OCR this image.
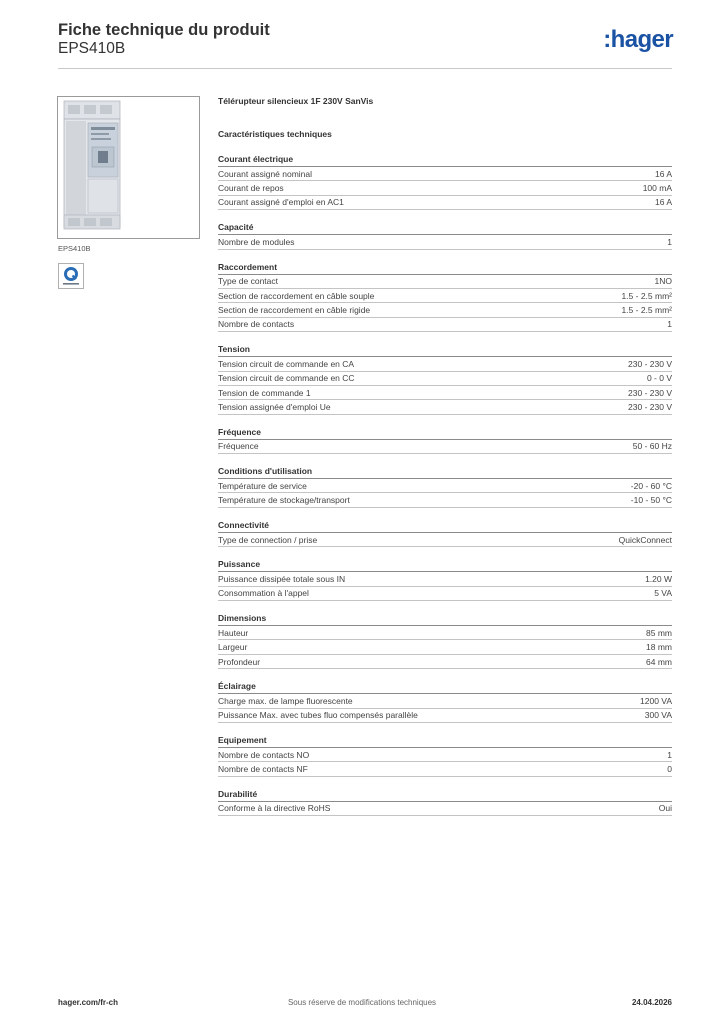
Fiche technique du produit
EPS410B	:hager
EPS410B
Télérupteur silencieux 1F 230V SanVis
Caractéristiques techniques
Courant électrique
Courant assigné nominal	16 A
Courant de repos	100 mA
Courant assigné d'emploi en AC1	16 A
Capacité
Nombre de modules	1
Raccordement
Type de contact	1NO
Section de raccordement en câble souple	1.5 - 2.5 mm²
Section de raccordement en câble rigide	1.5 - 2.5 mm²
Nombre de contacts	1
Tension
Tension circuit de commande en CA	230 - 230 V
Tension circuit de commande en CC	0 - 0 V
Tension de commande 1	230 - 230 V
Tension assignée d'emploi Ue	230 - 230 V
Fréquence
Fréquence	50 - 60 Hz
Conditions d'utilisation
Température de service	-20 - 60 °C
Température de stockage/transport	-10 - 50 °C
Connectivité
Type de connection / prise	QuickConnect
Puissance
Puissance dissipée totale sous IN	1.20 W
Consommation à l'appel	5 VA
Dimensions
Hauteur	85 mm
Largeur	18 mm
Profondeur	64 mm
Éclairage
Charge max. de lampe fluorescente	1200 VA
Puissance Max. avec tubes fluo compensés parallèle	300 VA
Equipement
Nombre de contacts NO	1
Nombre de contacts NF	0
Durabilité
Conforme à la directive RoHS	Oui
Sous réserve de modifications techniques
hager.com/fr-ch	24.04.2026
